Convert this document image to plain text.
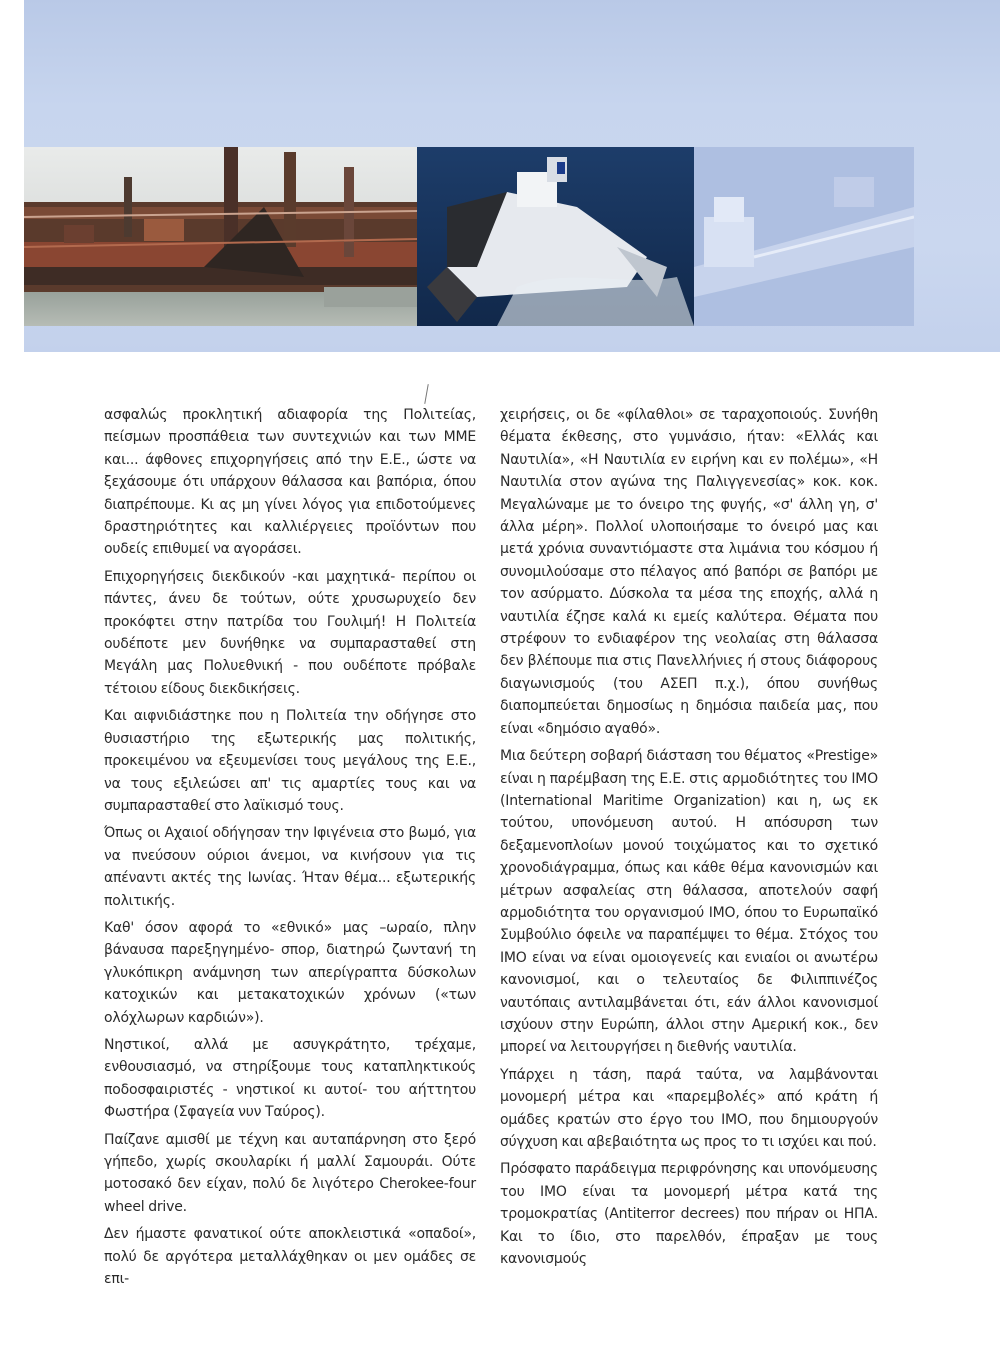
ασφαλώς προκλητική αδιαφορία της Πολιτείας, πείσμων προσπάθεια των συντεχνιών και των ΜΜΕ και... άφθονες επιχορηγήσεις από την Ε.Ε., ώστε να ξεχάσουμε ότι υπάρχουν θάλασσα και βαπόρια, όπου διαπρέπουμε. Κι ας μη γίνει λόγος για επιδοτούμενες δραστηριότητες και καλλιέργειες προϊόντων που ουδείς επιθυμεί να αγοράσει.

Επιχορηγήσεις διεκδικούν -και μαχητικά- περίπου οι πάντες, άνευ δε τούτων, ούτε χρυσωρυχείο δεν προκόφτει στην πατρίδα του Γουλιμή! Η Πολιτεία ουδέποτε μεν δυνήθηκε να συμπαρασταθεί στη Μεγάλη μας Πολυεθνική - που ουδέποτε πρόβαλε τέτοιου είδους διεκδικήσεις.

Και αιφνιδιάστηκε που η Πολιτεία την οδήγησε στο θυσιαστήριο της εξωτερικής μας πολιτικής, προκειμένου να εξευμενίσει τους μεγάλους της Ε.Ε., να τους εξιλεώσει απ' τις αμαρτίες τους και να συμπαρασταθεί στο λαϊκισμό τους.

Όπως οι Αχαιοί οδήγησαν την Ιφιγένεια στο βωμό, για να πνεύσουν ούριοι άνεμοι, να κινήσουν για τις απέναντι ακτές της Ιωνίας. Ήταν θέμα... εξωτερικής πολιτικής.

Καθ' όσον αφορά το «εθνικό» μας –ωραίο, πλην βάναυσα παρεξηγημένο- σπορ, διατηρώ ζωντανή τη γλυκόπικρη ανάμνηση των απερίγραπτα δύσκολων κατοχικών και μετακατοχικών χρόνων («των ολόχλωρων καρδιών»).

Νηστικοί, αλλά με ασυγκράτητο, τρέχαμε, ενθουσιασμό, να στηρίξουμε τους καταπληκτικούς ποδοσφαιριστές - νηστικοί κι αυτοί- του αήττητου Φωστήρα (Σφαγεία νυν Ταύρος).

Παίζανε αμισθί με τέχνη και αυταπάρνηση στο ξερό γήπεδο, χωρίς σκουλαρίκι ή μαλλί Σαμουράι. Ούτε μοτοσακό δεν είχαν, πολύ δε λιγότερο Cherokee-four wheel drive.

Δεν ήμαστε φανατικοί ούτε αποκλειστικά «οπαδοί», πολύ δε αργότερα μεταλλάχθηκαν οι μεν ομάδες σε επι-

χειρήσεις, οι δε «φίλαθλοι» σε ταραχοποιούς. Συνήθη θέματα έκθεσης, στο γυμνάσιο, ήταν: «Ελλάς και Ναυτιλία», «Η Ναυτιλία εν ειρήνη και εν πολέμω», «Η Ναυτιλία στον αγώνα της Παλιγγενεσίας» κοκ. κοκ. Μεγαλώναμε με το όνειρο της φυγής, «σ' άλλη γη, σ' άλλα μέρη». Πολλοί υλοποιήσαμε το όνειρό μας και μετά χρόνια συναντιόμαστε στα λιμάνια του κόσμου ή συνομιλούσαμε στο πέλαγος από βαπόρι σε βαπόρι με τον ασύρματο. Δύσκολα τα μέσα της εποχής, αλλά η ναυτιλία έζησε καλά κι εμείς καλύτερα. Θέματα που στρέφουν το ενδιαφέρον της νεολαίας στη θάλασσα δεν βλέπουμε πια στις Πανελλήνιες ή στους διάφορους διαγωνισμούς (του ΑΣΕΠ π.χ.), όπου συνήθως διαπομπεύεται δημοσίως η δημόσια παιδεία μας, που είναι «δημόσιο αγαθό».

Μια δεύτερη σοβαρή διάσταση του θέματος «Prestige» είναι η παρέμβαση της Ε.Ε. στις αρμοδιότητες του ΙΜΟ (International Maritime Organization) και η, ως εκ τούτου, υπονόμευση αυτού. Η απόσυρση των δεξαμενοπλοίων μονού τοιχώματος και το σχετικό χρονοδιάγραμμα, όπως και κάθε θέμα κανονισμών και μέτρων ασφαλείας στη θάλασσα, αποτελούν σαφή αρμοδιότητα του οργανισμού ΙΜΟ, όπου το Ευρωπαϊκό Συμβούλιο όφειλε να παραπέμψει το θέμα. Στόχος του ΙΜΟ είναι να είναι ομοιογενείς και ενιαίοι οι ανωτέρω κανονισμοί, και ο τελευταίος δε Φιλιππινέζος ναυτόπαις αντιλαμβάνεται ότι, εάν άλλοι κανονισμοί ισχύουν στην Ευρώπη, άλλοι στην Αμερική κοκ., δεν μπορεί να λειτουργήσει η διεθνής ναυτιλία.

Υπάρχει η τάση, παρά ταύτα, να λαμβάνονται μονομερή μέτρα και «παρεμβολές» από κράτη ή ομάδες κρατών στο έργο του ΙΜΟ, που δημιουργούν σύγχυση και αβεβαιότητα ως προς το τι ισχύει και πού.

Πρόσφατο παράδειγμα περιφρόνησης και υπονόμευσης του ΙΜΟ είναι τα μονομερή μέτρα κατά της τρομοκρατίας (Antiterror decrees) που πήραν οι ΗΠΑ. Και το ίδιο, στο παρελθόν, έπραξαν με τους κανονισμούς
